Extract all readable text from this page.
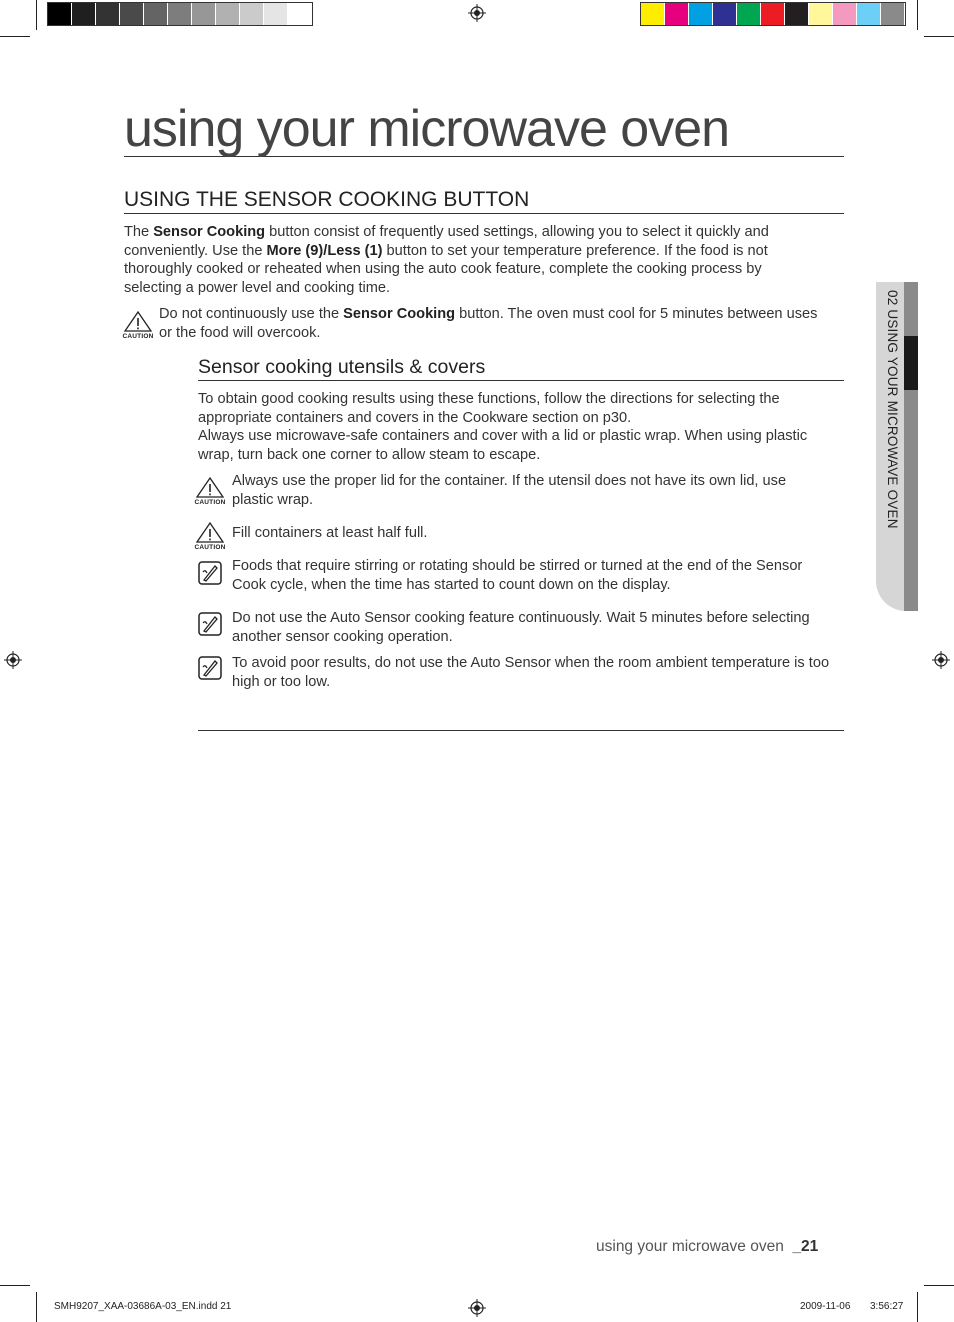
using your microwave oven
USING THE SENSOR COOKING BUTTON

The Sensor Cooking button consist of frequently used settings, allowing you to select it quickly and conveniently. Use the More (9)/Less (1) button to set your temperature preference. If the food is not thoroughly cooked or reheated when using the auto cook feature, complete the cooking process by selecting a power level and cooking time.

CAUTION

Do not continuously use the Sensor Cooking button. The oven must cool for 5 minutes between uses or the food will overcook.

Sensor cooking utensils & covers

To obtain good cooking results using these functions, follow the directions for selecting the appropriate containers and covers in the Cookware section on p30.

Always use microwave-safe containers and cover with a lid or plastic wrap. When using plastic wrap, turn back one corner to allow steam to escape.

CAUTION

Always use the proper lid for the container. If the utensil does not have its own lid, use plastic wrap.

CAUTION

Fill containers at least half full.

Foods that require stirring or rotating should be stirred or turned at the end of the Sensor Cook cycle, when the time has started to count down on the display.

Do not use the Auto Sensor cooking feature continuously. Wait 5 minutes before selecting another sensor cooking operation.

To avoid poor results, do not use the Auto Sensor when the room ambient temperature is too high or too low.

02 USING YOUR MICROWAVE OVEN
using your microwave oven _21
SMH9207_XAA-03686A-03_EN.indd 21	2009-11-06 3:56:27
